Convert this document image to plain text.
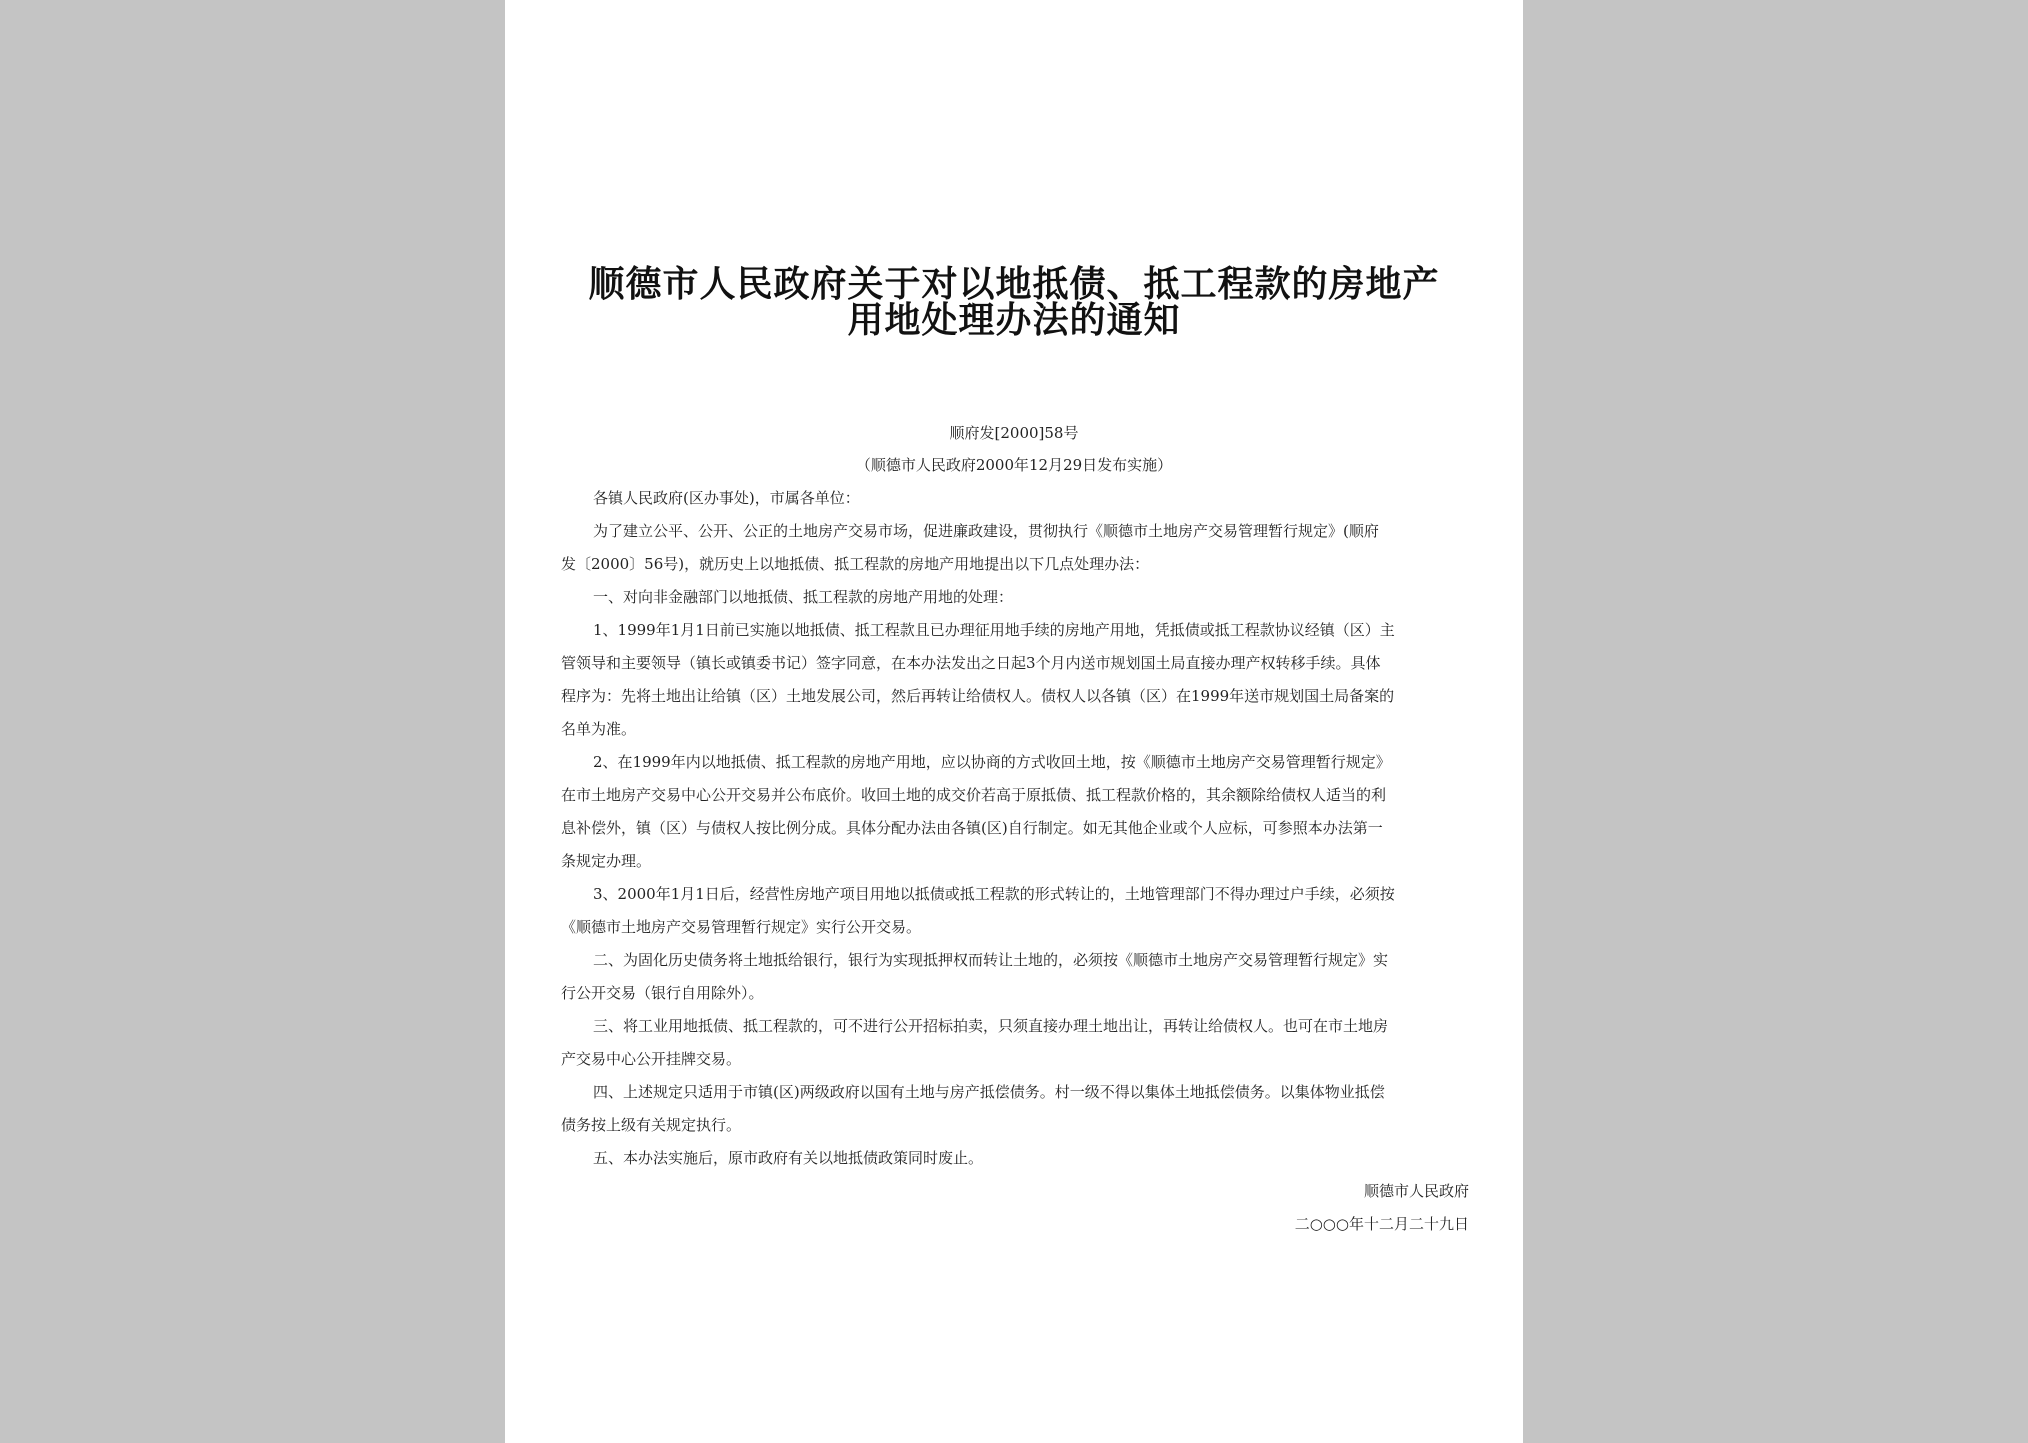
顺德市人民政府关于对以地抵债、抵工程款的房地产
用地处理办法的通知
顺府发[2000]58号
（顺德市人民政府2000年12月29日发布实施）
各镇人民政府(区办事处)，市属各单位：
为了建立公平、公开、公正的土地房产交易市场，促进廉政建设，贯彻执行《顺德市土地房产交易管理暂行规定》(顺府
发〔2000〕56号)，就历史上以地抵债、抵工程款的房地产用地提出以下几点处理办法：
一、对向非金融部门以地抵债、抵工程款的房地产用地的处理：
1、1999年1月1日前已实施以地抵债、抵工程款且已办理征用地手续的房地产用地，凭抵债或抵工程款协议经镇（区）主
管领导和主要领导（镇长或镇委书记）签字同意，在本办法发出之日起3个月内送市规划国土局直接办理产权转移手续。具体
程序为：先将土地出让给镇（区）土地发展公司，然后再转让给债权人。债权人以各镇（区）在1999年送市规划国土局备案的
名单为准。
2、在1999年内以地抵债、抵工程款的房地产用地，应以协商的方式收回土地，按《顺德市土地房产交易管理暂行规定》
在市土地房产交易中心公开交易并公布底价。收回土地的成交价若高于原抵债、抵工程款价格的，其余额除给债权人适当的利
息补偿外，镇（区）与债权人按比例分成。具体分配办法由各镇(区)自行制定。如无其他企业或个人应标，可参照本办法第一
条规定办理。
3、2000年1月1日后，经营性房地产项目用地以抵债或抵工程款的形式转让的，土地管理部门不得办理过户手续，必须按
《顺德市土地房产交易管理暂行规定》实行公开交易。
二、为固化历史债务将土地抵给银行，银行为实现抵押权而转让土地的，必须按《顺德市土地房产交易管理暂行规定》实
行公开交易（银行自用除外）。
三、将工业用地抵债、抵工程款的，可不进行公开招标拍卖，只须直接办理土地出让，再转让给债权人。也可在市土地房
产交易中心公开挂牌交易。
四、上述规定只适用于市镇(区)两级政府以国有土地与房产抵偿债务。村一级不得以集体土地抵偿债务。以集体物业抵偿
债务按上级有关规定执行。
五、本办法实施后，原市政府有关以地抵债政策同时废止。
顺德市人民政府
二○○○年十二月二十九日
